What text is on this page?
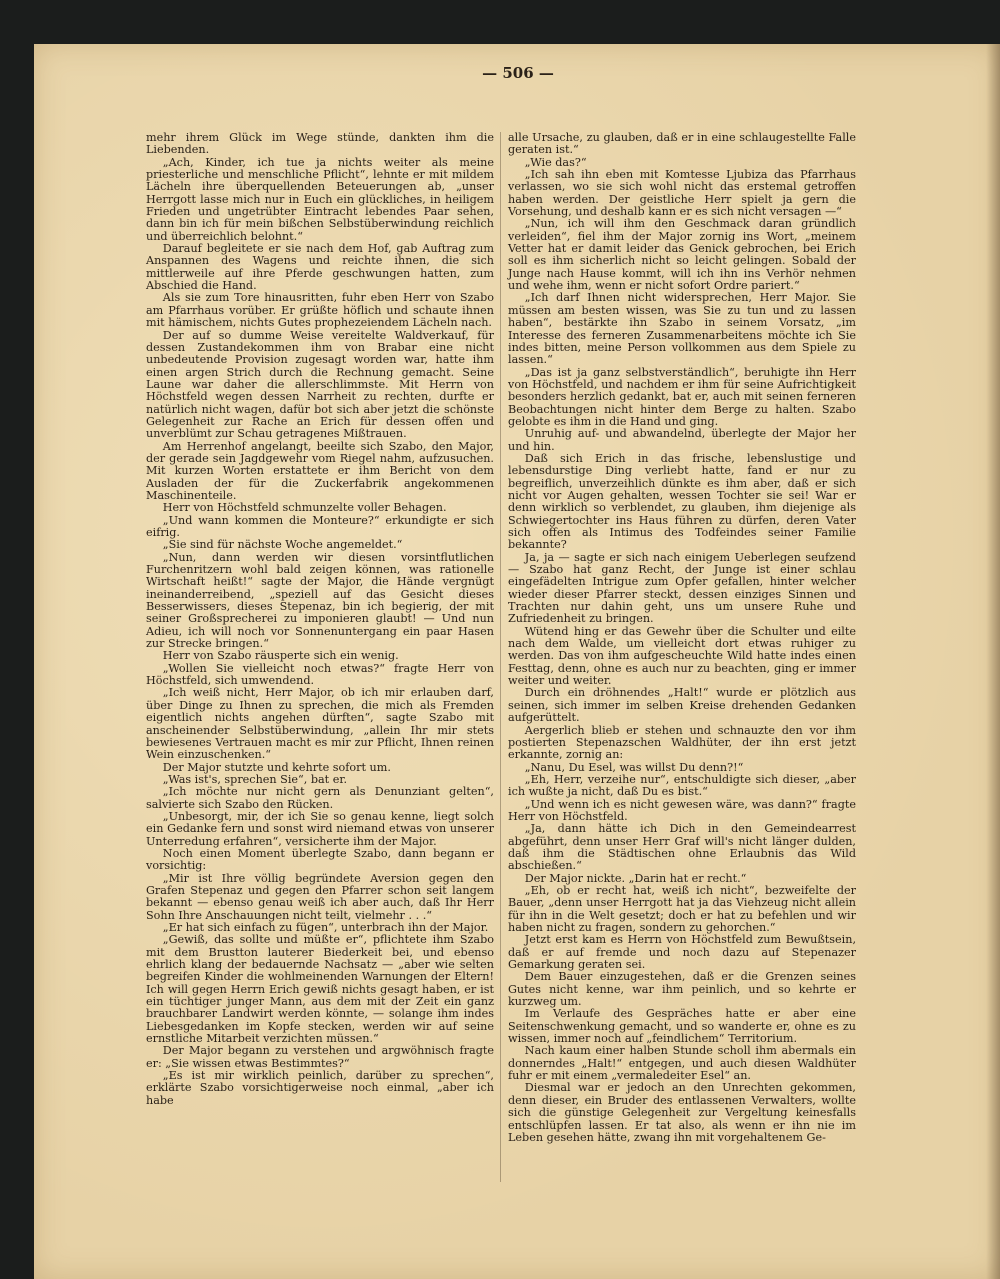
— 506 —

mehr ihrem Glück im Wege stünde, dankten ihm die Liebenden.

„Ach, Kinder, ich tue ja nichts weiter als meine priesterliche und menschliche Pflicht“, lehnte er mit mildem Lächeln ihre überquellenden Beteuerungen ab, „unser Herrgott lasse mich nur in Euch ein glückliches, in heiligem Frieden und ungetrübter Eintracht lebendes Paar sehen, dann bin ich für mein bißchen Selbstüberwindung reichlich und überreichlich belohnt.“

Darauf begleitete er sie nach dem Hof, gab Auftrag zum Anspannen des Wagens und reichte ihnen, die sich mittlerweile auf ihre Pferde geschwungen hatten, zum Abschied die Hand.

Als sie zum Tore hinausritten, fuhr eben Herr von Szabo am Pfarrhaus vorüber. Er grüßte höflich und schaute ihnen mit hämischem, nichts Gutes prophezeiendem Lächeln nach.

Der auf so dumme Weise vereitelte Waldverkauf, für dessen Zustandekommen ihm von Brabar eine nicht unbedeutende Provision zugesagt worden war, hatte ihm einen argen Strich durch die Rechnung gemacht. Seine Laune war daher die allerschlimmste. Mit Herrn von Höchstfeld wegen dessen Narrheit zu rechten, durfte er natürlich nicht wagen, dafür bot sich aber jetzt die schönste Gelegenheit zur Rache an Erich für dessen offen und unverblümt zur Schau getragenes Mißtrauen.

Am Herrenhof angelangt, beeilte sich Szabo, den Major, der gerade sein Jagdgewehr vom Riegel nahm, aufzusuchen. Mit kurzen Worten erstattete er ihm Bericht von dem Ausladen der für die Zuckerfabrik angekommenen Maschinenteile.

Herr von Höchstfeld schmunzelte voller Behagen.

„Und wann kommen die Monteure?“ erkundigte er sich eifrig.

„Sie sind für nächste Woche angemeldet.“

„Nun, dann werden wir diesen vorsintflutlichen Furchenritzern wohl bald zeigen können, was rationelle Wirtschaft heißt!“ sagte der Major, die Hände vergnügt ineinanderreibend, „speziell auf das Gesicht dieses Besserwissers, dieses Stepenaz, bin ich begierig, der mit seiner Großsprecherei zu imponieren glaubt! — Und nun Adieu, ich will noch vor Sonnenuntergang ein paar Hasen zur Strecke bringen.“

Herr von Szabo räusperte sich ein wenig.

„Wollen Sie vielleicht noch etwas?“ fragte Herr von Höchstfeld, sich umwendend.

„Ich weiß nicht, Herr Major, ob ich mir erlauben darf, über Dinge zu Ihnen zu sprechen, die mich als Fremden eigentlich nichts angehen dürften“, sagte Szabo mit anscheinender Selbstüberwindung, „allein Ihr mir stets bewiesenes Vertrauen macht es mir zur Pflicht, Ihnen reinen Wein einzuschenken.“

Der Major stutzte und kehrte sofort um.

„Was ist's, sprechen Sie“, bat er.

„Ich möchte nur nicht gern als Denunziant gelten“, salvierte sich Szabo den Rücken.

„Unbesorgt, mir, der ich Sie so genau kenne, liegt solch ein Gedanke fern und sonst wird niemand etwas von unserer Unterredung erfahren“, versicherte ihm der Major.

Noch einen Moment überlegte Szabo, dann begann er vorsichtig:

„Mir ist Ihre völlig begründete Aversion gegen den Grafen Stepenaz und gegen den Pfarrer schon seit langem bekannt — ebenso genau weiß ich aber auch, daß Ihr Herr Sohn Ihre Anschauungen nicht teilt, vielmehr . . .“

„Er hat sich einfach zu fügen“, unterbrach ihn der Major.

„Gewiß, das sollte und müßte er“, pflichtete ihm Szabo mit dem Brustton lauterer Biederkeit bei, und ebenso ehrlich klang der bedauernde Nachsatz — „aber wie selten begreifen Kinder die wohlmeinenden Warnungen der Eltern! Ich will gegen Herrn Erich gewiß nichts gesagt haben, er ist ein tüchtiger junger Mann, aus dem mit der Zeit ein ganz brauchbarer Landwirt werden könnte, — solange ihm indes Liebesgedanken im Kopfe stecken, werden wir auf seine ernstliche Mitarbeit verzichten müssen.“

Der Major begann zu verstehen und argwöhnisch fragte er: „Sie wissen etwas Bestimmtes?“

„Es ist mir wirklich peinlich, darüber zu sprechen“, erklärte Szabo vorsichtigerweise noch einmal, „aber ich habe

alle Ursache, zu glauben, daß er in eine schlaugestellte Falle geraten ist.“

„Wie das?“

„Ich sah ihn eben mit Komtesse Ljubiza das Pfarrhaus verlassen, wo sie sich wohl nicht das erstemal getroffen haben werden. Der geistliche Herr spielt ja gern die Vorsehung, und deshalb kann er es sich nicht versagen —“

„Nun, ich will ihm den Geschmack daran gründlich verleiden“, fiel ihm der Major zornig ins Wort, „meinem Vetter hat er damit leider das Genick gebrochen, bei Erich soll es ihm sicherlich nicht so leicht gelingen. Sobald der Junge nach Hause kommt, will ich ihn ins Verhör nehmen und wehe ihm, wenn er nicht sofort Ordre pariert.“

„Ich darf Ihnen nicht widersprechen, Herr Major. Sie müssen am besten wissen, was Sie zu tun und zu lassen haben“, bestärkte ihn Szabo in seinem Vorsatz, „im Interesse des ferneren Zusammenarbeitens möchte ich Sie indes bitten, meine Person vollkommen aus dem Spiele zu lassen.“

„Das ist ja ganz selbstverständlich“, beruhigte ihn Herr von Höchstfeld, und nachdem er ihm für seine Aufrichtigkeit besonders herzlich gedankt, bat er, auch mit seinen ferneren Beobachtungen nicht hinter dem Berge zu halten. Szabo gelobte es ihm in die Hand und ging.

Unruhig auf- und abwandelnd, überlegte der Major her und hin.

Daß sich Erich in das frische, lebenslustige und lebensdurstige Ding verliebt hatte, fand er nur zu begreiflich, unverzeihlich dünkte es ihm aber, daß er sich nicht vor Augen gehalten, wessen Tochter sie sei! War er denn wirklich so verblendet, zu glauben, ihm diejenige als Schwiegertochter ins Haus führen zu dürfen, deren Vater sich offen als Intimus des Todfeindes seiner Familie bekannte?

Ja, ja — sagte er sich nach einigem Ueberlegen seufzend — Szabo hat ganz Recht, der Junge ist einer schlau eingefädelten Intrigue zum Opfer gefallen, hinter welcher wieder dieser Pfarrer steckt, dessen einziges Sinnen und Trachten nur dahin geht, uns um unsere Ruhe und Zufriedenheit zu bringen.

Wütend hing er das Gewehr über die Schulter und eilte nach dem Walde, um vielleicht dort etwas ruhiger zu werden. Das von ihm aufgescheuchte Wild hatte indes einen Festtag, denn, ohne es auch nur zu beachten, ging er immer weiter und weiter.

Durch ein dröhnendes „Halt!“ wurde er plötzlich aus seinen, sich immer im selben Kreise drehenden Gedanken aufgerüttelt.

Aergerlich blieb er stehen und schnauzte den vor ihm postierten Stepenazschen Waldhüter, der ihn erst jetzt erkannte, zornig an:

„Nanu, Du Esel, was willst Du denn?!“

„Eh, Herr, verzeihe nur“, entschuldigte sich dieser, „aber ich wußte ja nicht, daß Du es bist.“

„Und wenn ich es nicht gewesen wäre, was dann?“ fragte Herr von Höchstfeld.

„Ja, dann hätte ich Dich in den Gemeindearrest abgeführt, denn unser Herr Graf will's nicht länger dulden, daß ihm die Städtischen ohne Erlaubnis das Wild abschießen.“

Der Major nickte. „Darin hat er recht.“

„Eh, ob er recht hat, weiß ich nicht“, bezweifelte der Bauer, „denn unser Herrgott hat ja das Viehzeug nicht allein für ihn in die Welt gesetzt; doch er hat zu befehlen und wir haben nicht zu fragen, sondern zu gehorchen.“

Jetzt erst kam es Herrn von Höchstfeld zum Bewußtsein, daß er auf fremde und noch dazu auf Stepenazer Gemarkung geraten sei.

Dem Bauer einzugestehen, daß er die Grenzen seines Gutes nicht kenne, war ihm peinlich, und so kehrte er kurzweg um.

Im Verlaufe des Gespräches hatte er aber eine Seitenschwenkung gemacht, und so wanderte er, ohne es zu wissen, immer noch auf „feindlichem“ Territorium.

Nach kaum einer halben Stunde scholl ihm abermals ein donnerndes „Halt!“ entgegen, und auch diesen Waldhüter fuhr er mit einem „vermaledeiter Esel“ an.

Diesmal war er jedoch an den Unrechten gekommen, denn dieser, ein Bruder des entlassenen Verwalters, wollte sich die günstige Gelegenheit zur Vergeltung keinesfalls entschlüpfen lassen. Er tat also, als wenn er ihn nie im Leben gesehen hätte, zwang ihn mit vorgehaltenem Ge-
